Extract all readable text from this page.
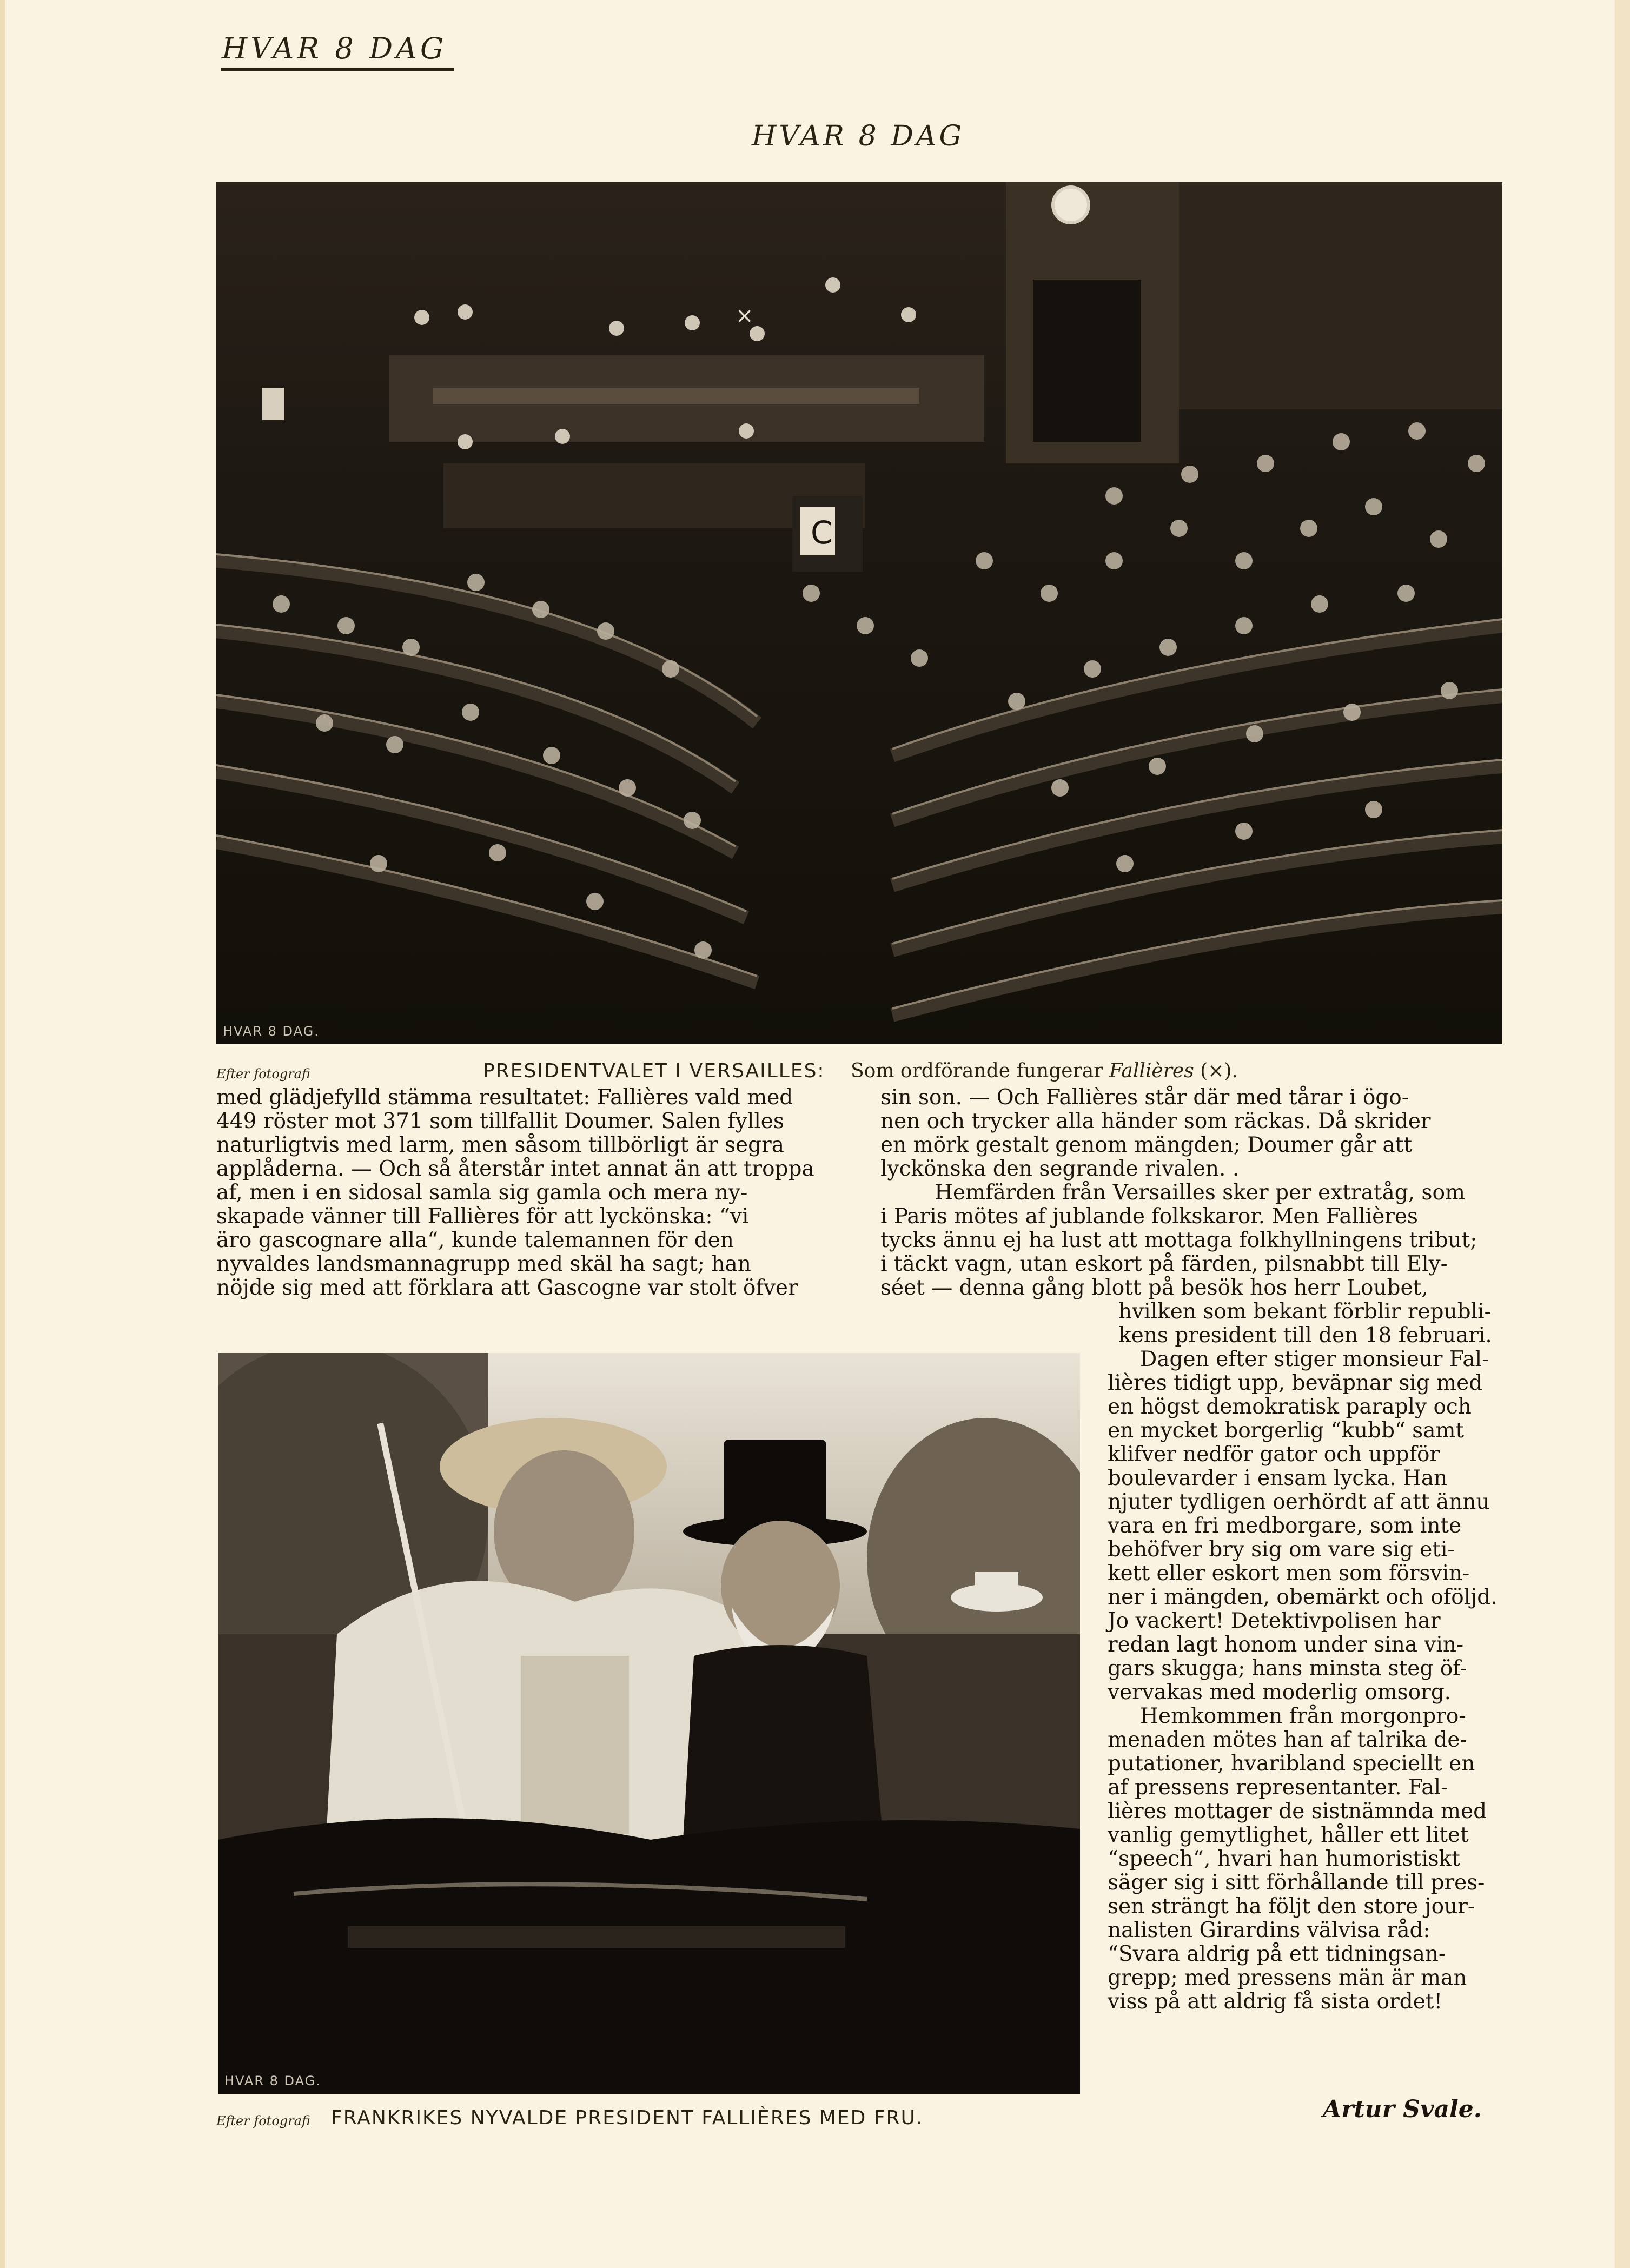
HVAR 8 DAG
HVAR 8 DAG
C
×
HVAR 8 DAG.
Efter fotografi	PRESIDENTVALET I VERSAILLES: Som ordförande fungerar Fallières (×).
med glädjefylld stämma resultatet: Fallières vald med
449 röster mot 371 som tillfallit Doumer. Salen fylles
naturligtvis med larm, men såsom tillbörligt är segra
applåderna. — Och så återstår intet annat än att troppa
af, men i en sidosal samla sig gamla och mera ny-
skapade vänner till Fallières för att lyckönska: “vi
äro gascognare alla“, kunde talemannen för den
nyvaldes landsmannagrupp med skäl ha sagt; han
nöjde sig med att förklara att Gascogne var stolt öfver
sin son. — Och Fallières står där med tårar i ögo-
nen och trycker alla händer som räckas. Då skrider
en mörk gestalt genom mängden; Doumer går att
lyckönska den segrande rivalen. .
Hemfärden från Versailles sker per extratåg, som
i Paris mötes af jublande folkskaror. Men Fallières
tycks ännu ej ha lust att mottaga folkhyllningens tribut;
i täckt vagn, utan eskort på färden, pilsnabbt till Ely-
séet — denna gång blott på besök hos herr Loubet,
HVAR 8 DAG.
hvilken som bekant förblir republi-
kens president till den 18 februari.
Dagen efter stiger monsieur Fal-
lières tidigt upp, beväpnar sig med
en högst demokratisk paraply och
en mycket borgerlig “kubb“ samt
klifver nedför gator och uppför
boulevarder i ensam lycka. Han
njuter tydligen oerhördt af att ännu
vara en fri medborgare, som inte
behöfver bry sig om vare sig eti-
kett eller eskort men som försvin-
ner i mängden, obemärkt och oföljd.
Jo vackert! Detektivpolisen har
redan lagt honom under sina vin-
gars skugga; hans minsta steg öf-
vervakas med moderlig omsorg.
Hemkommen från morgonpro-
menaden mötes han af talrika de-
putationer, hvaribland speciellt en
af pressens representanter. Fal-
lières mottager de sistnämnda med
vanlig gemytlighet, håller ett litet
“speech“, hvari han humoristiskt
säger sig i sitt förhållande till pres-
sen strängt ha följt den store jour-
nalisten Girardins välvisa råd:
“Svara aldrig på ett tidningsan-
grepp; med pressens män är man
viss på att aldrig få sista ordet!
Efter fotografi FRANKRIKES NYVALDE PRESIDENT FALLIÈRES MED FRU.	Artur Svale.
